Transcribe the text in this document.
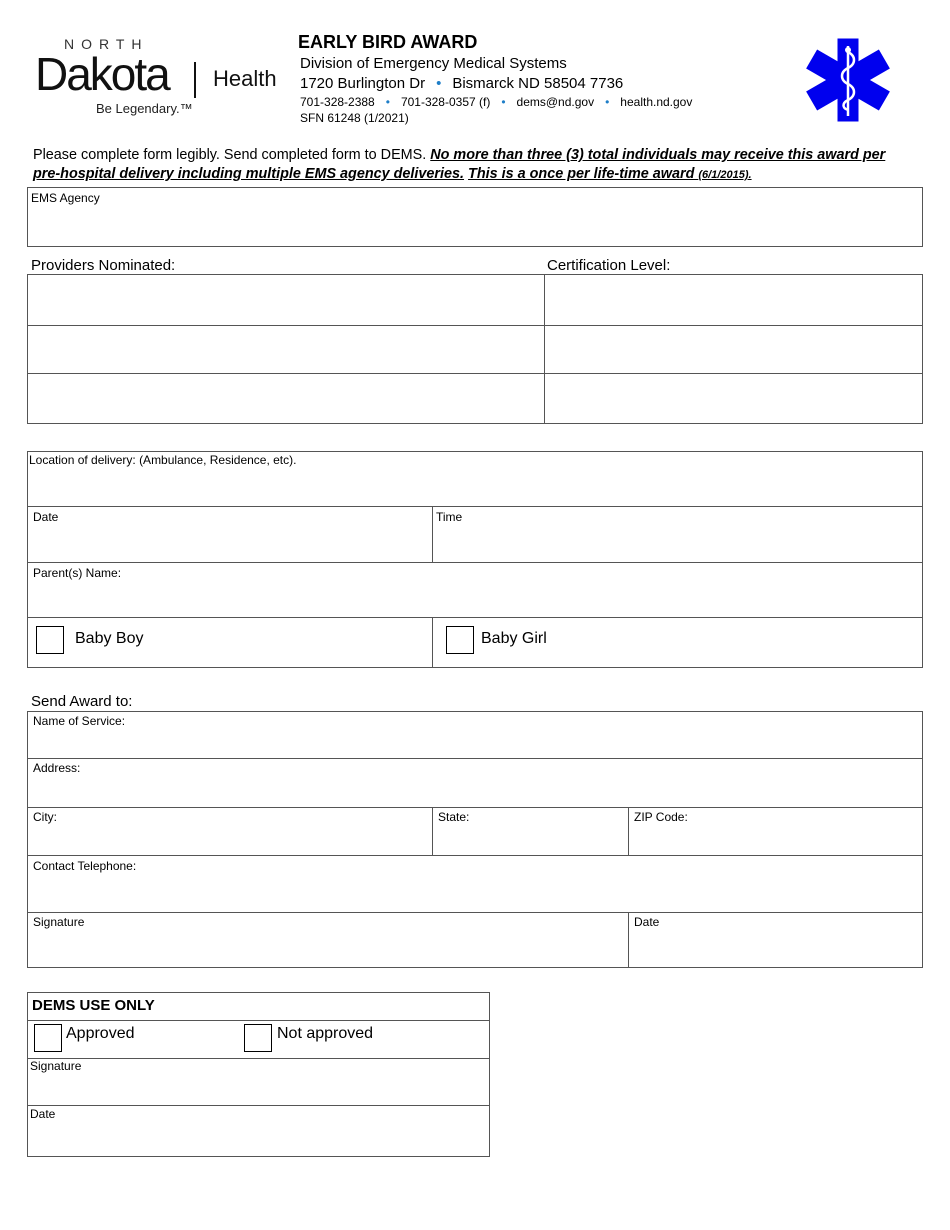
NORTH
Dakota Health
Be Legendary.™
EARLY BIRD AWARD
Division of Emergency Medical Systems
1720 Burlington Dr • Bismarck ND 58504 7736
701-328-2388 • 701-328-0357 (f) • dems@nd.gov • health.nd.gov
SFN 61248 (1/2021)
Please complete form legibly. Send completed form to DEMS. No more than three (3) total individuals may receive this award per pre-hospital delivery including multiple EMS agency deliveries. This is a once per life-time award (6/1/2015).
EMS Agency
Providers Nominated:	Certification Level:
Location of delivery: (Ambulance, Residence, etc).
Date	Time
Parent(s) Name:
Baby Boy	Baby Girl
Send Award to:
Name of Service:
Address:
City:	State:	ZIP Code:
Contact Telephone:
Signature	Date
DEMS USE ONLY
Approved	Not approved
Signature
Date
